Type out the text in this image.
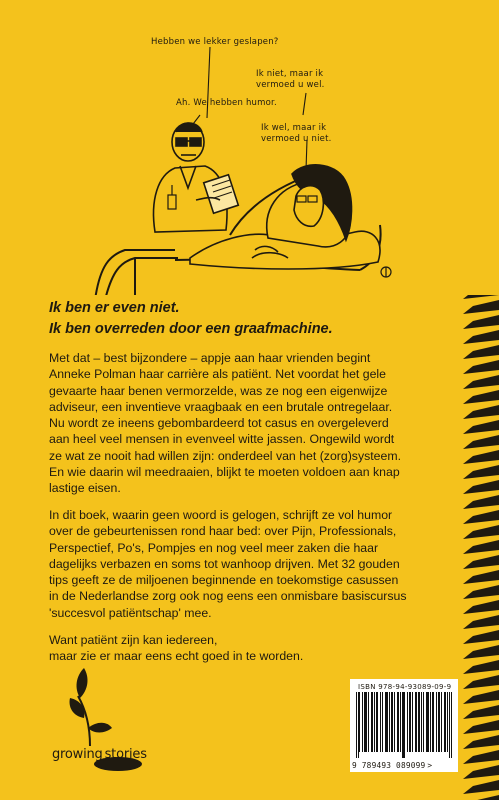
Hebben we lekker geslapen?
Ik niet, maar ik
vermoed u wel.
Ah. We hebben humor.
Ik wel, maar ik
vermoed u niet.
Ik ben er even niet.
Ik ben overreden door een graafmachine.

Met dat – best bijzondere – appje aan haar vrienden begint
Anneke Polman haar carrière als patiënt. Net voordat het gele
gevaarte haar benen vermorzelde, was ze nog een eigenwijze
adviseur, een inventieve vraagbaak en een brutale ontregelaar.
Nu wordt ze ineens gebombardeerd tot casus en overgeleverd
aan heel veel mensen in evenveel witte jassen. Ongewild wordt
ze wat ze nooit had willen zijn: onderdeel van het (zorg)systeem.
En wie daarin wil meedraaien, blijkt te moeten voldoen aan knap
lastige eisen.

In dit boek, waarin geen woord is gelogen, schrijft ze vol humor
over de gebeurtenissen rond haar bed: over Pijn, Professionals,
Perspectief, Po's, Pompjes en nog veel meer zaken die haar
dagelijks verbazen en soms tot wanhoop drijven. Met 32 gouden
tips geeft ze de miljoenen beginnende en toekomstige casussen
in de Nederlandse zorg ook nog eens een onmisbare basiscursus
'succesvol patiëntschap' mee.

Want patiënt zijn kan iedereen,
maar zie er maar eens echt goed in te worden.

growing stories
ISBN 978-94-93089-09-9
9 789493 089099 >
